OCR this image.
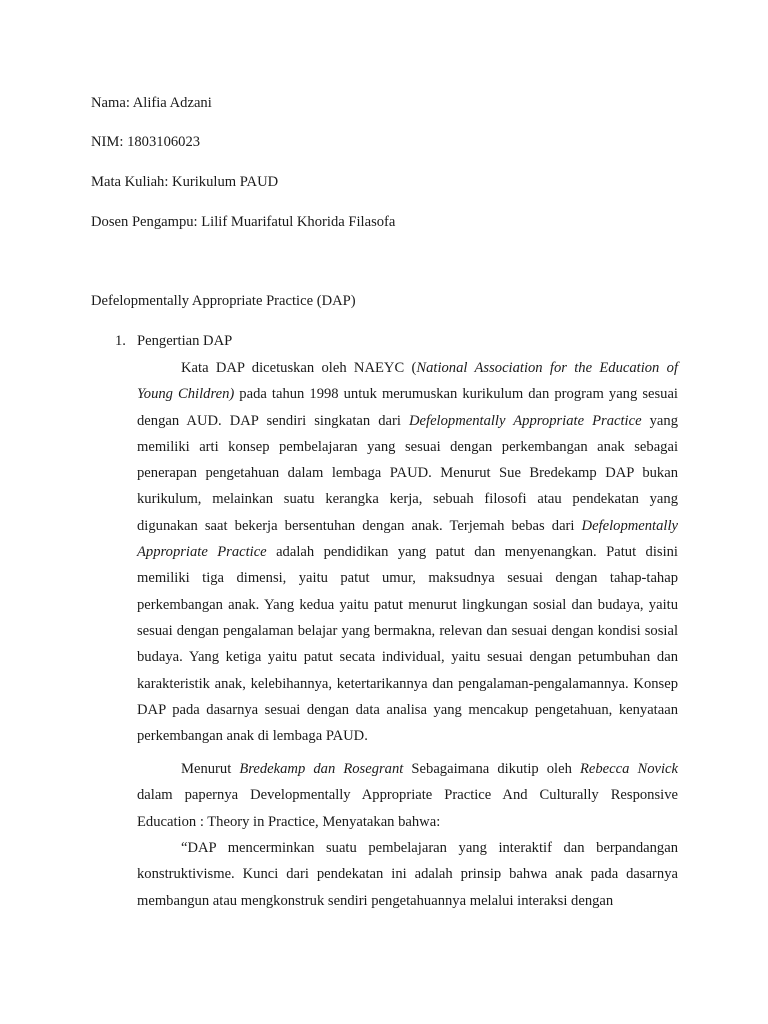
Nama: Alifia Adzani
NIM: 1803106023
Mata Kuliah: Kurikulum PAUD
Dosen Pengampu: Lilif Muarifatul Khorida Filasofa
Defelopmentally Appropriate Practice (DAP)
1. Pengertian DAP

Kata DAP dicetuskan oleh NAEYC (National Association for the Education of Young Children) pada tahun 1998 untuk merumuskan kurikulum dan program yang sesuai dengan AUD. DAP sendiri singkatan dari Defelopmentally Appropriate Practice yang memiliki arti konsep pembelajaran yang sesuai dengan perkembangan anak sebagai penerapan pengetahuan dalam lembaga PAUD. Menurut Sue Bredekamp DAP bukan kurikulum, melainkan suatu kerangka kerja, sebuah filosofi atau pendekatan yang digunakan saat bekerja bersentuhan dengan anak. Terjemah bebas dari Defelopmentally Appropriate Practice adalah pendidikan yang patut dan menyenangkan. Patut disini memiliki tiga dimensi, yaitu patut umur, maksudnya sesuai dengan tahap-tahap perkembangan anak. Yang kedua yaitu patut menurut lingkungan sosial dan budaya, yaitu sesuai dengan pengalaman belajar yang bermakna, relevan dan sesuai dengan kondisi sosial budaya. Yang ketiga yaitu patut secata individual, yaitu sesuai dengan petumbuhan dan karakteristik anak, kelebihannya, ketertarikannya dan pengalaman-pengalamannya. Konsep DAP pada dasarnya sesuai dengan data analisa yang mencakup pengetahuan, kenyataan perkembangan anak di lembaga PAUD.

Menurut Bredekamp dan Rosegrant Sebagaimana dikutip oleh Rebecca Novick dalam papernya Developmentally Appropriate Practice And Culturally Responsive Education : Theory in Practice, Menyatakan bahwa:

“DAP mencerminkan suatu pembelajaran yang interaktif dan berpandangan konstruktivisme. Kunci dari pendekatan ini adalah prinsip bahwa anak pada dasarnya membangun atau mengkonstruk sendiri pengetahuannya melalui interaksi dengan
